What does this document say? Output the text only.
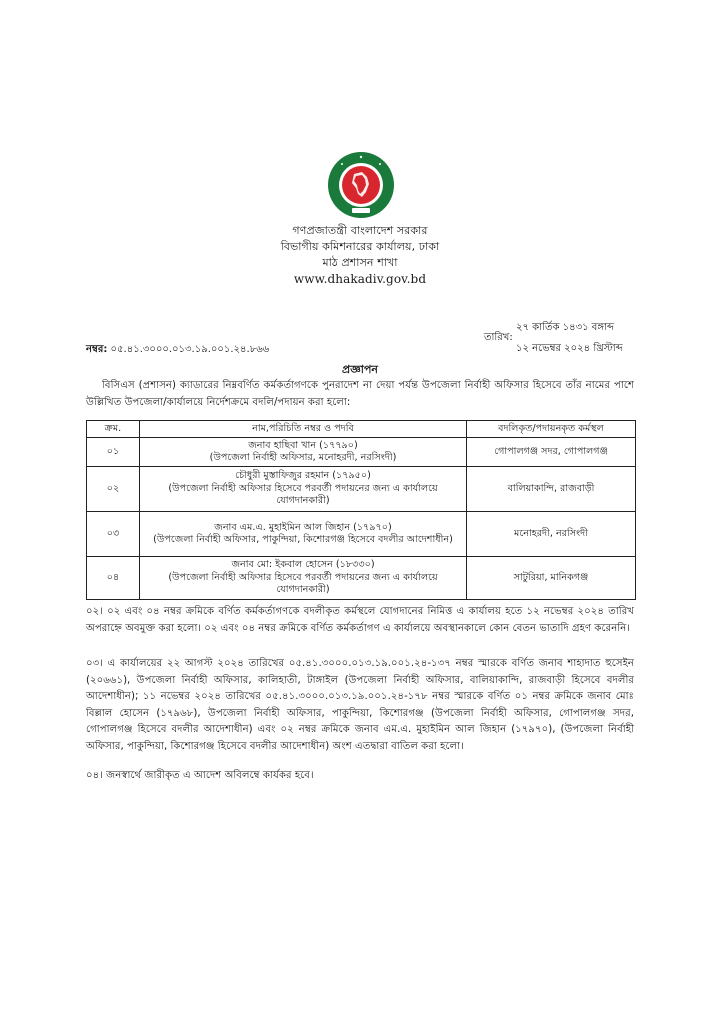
গণপ্রজাতন্ত্রী বাংলাদেশ সরকার
বিভাগীয় কমিশনারের কার্যালয়, ঢাকা
মাঠ প্রশাসন শাখা
www.dhakadiv.gov.bd
২৭ কার্তিক ১৪৩১ বঙ্গাব্দ
তারিখ:
১২ নভেম্বর ২০২৪ খ্রিস্টাব্দ
নম্বর: ০৫.৪১.৩০০০.০১৩.১৯.০০১.২৪.৮৬৬
প্রজ্ঞাপন
বিসিএস (প্রশাসন) ক্যাডারের নিম্নবর্ণিত কর্মকর্তাগণকে পুনরাদেশ না দেয়া পর্যন্ত উপজেলা নির্বাহী অফিসার হিসেবে তাঁর নামের পাশে উল্লিখিত উপজেলা/কার্যালয়ে নির্দেশক্রমে বদলি/পদায়ন করা হলো:
ক্রম.	নাম,পরিচিতি নম্বর ও পদবি	বদলিকৃত/পদায়নকৃত কর্মস্থল
০১	জনাব হাছিবা খান (১৭৭৯০)
(উপজেলা নির্বাহী অফিসার, মনোহরদী, নরসিংদী)	গোপালগঞ্জ সদর, গোপালগঞ্জ
০২	চৌধুরী মুস্তাফিজুর রহমান (১৭৯৫০)
(উপজেলা নির্বাহী অফিসার হিসেবে পরবর্তী পদায়নের জন্য এ কার্যালয়ে যোগদানকারী)	বালিয়াকান্দি, রাজবাড়ী
০৩	জনাব এম.এ. মুহাইমিন আল জিহান (১৭৯৭০)
(উপজেলা নির্বাহী অফিসার, পাকুন্দিয়া, কিশোরগঞ্জ হিসেবে বদলীর আদেশাধীন)	মনোহরদী, নরসিংদী
০৪	জনাব মো: ইকবাল হোসেন (১৮৩৩০)
(উপজেলা নির্বাহী অফিসার হিসেবে পরবর্তী পদায়নের জন্য এ কার্যালয়ে যোগদানকারী)	সাটুরিয়া, মানিকগঞ্জ
০২। ০২ এবং ০৪ নম্বর ক্রমিকে বর্ণিত কর্মকর্তাগণকে বদলীকৃত কর্মস্থলে যোগদানের নিমিত্ত এ কার্যালয় হতে ১২ নভেম্বর ২০২৪ তারিখ অপরাহ্নে অবমুক্ত করা হলো। ০২ এবং ০৪ নম্বর ক্রমিকে বর্ণিত কর্মকর্তাগণ এ কার্যালয়ে অবস্থানকালে কোন বেতন ভাতাদি গ্রহণ করেননি।
০৩। এ কার্যালয়ের ২২ আগস্ট ২০২৪ তারিখের ০৫.৪১.৩০০০.০১৩.১৯.০০১.২৪-১৩৭ নম্বর স্মারকে বর্ণিত জনাব শাহাদাত হুসেইন (২০৬৬১), উপজেলা নির্বাহী অফিসার, কালিহাতী, টাঙ্গাইল (উপজেলা নির্বাহী অফিসার, বালিয়াকান্দি, রাজবাড়ী হিসেবে বদলীর আদেশাধীন); ১১ নভেম্বর ২০২৪ তারিখের ০৫.৪১.৩০০০.০১৩.১৯.০০১.২৪-১৭৮ নম্বর স্মারকে বর্ণিত ০১ নম্বর ক্রমিকে জনাব মোঃ বিল্লাল হোসেন (১৭৯৬৮), উপজেলা নির্বাহী অফিসার, পাকুন্দিয়া, কিশোরগঞ্জ (উপজেলা নির্বাহী অফিসার, গোপালগঞ্জ সদর, গোপালগঞ্জ হিসেবে বদলীর আদেশাধীন) এবং ০২ নম্বর ক্রমিকে জনাব এম.এ. মুহাইমিন আল জিহান (১৭৯৭০), (উপজেলা নির্বাহী অফিসার, পাকুন্দিয়া, কিশোরগঞ্জ হিসেবে বদলীর আদেশাধীন) অংশ এতদ্বারা বাতিল করা হলো।
০৪। জনস্বার্থে জারীকৃত এ আদেশ অবিলম্বে কার্যকর হবে।
